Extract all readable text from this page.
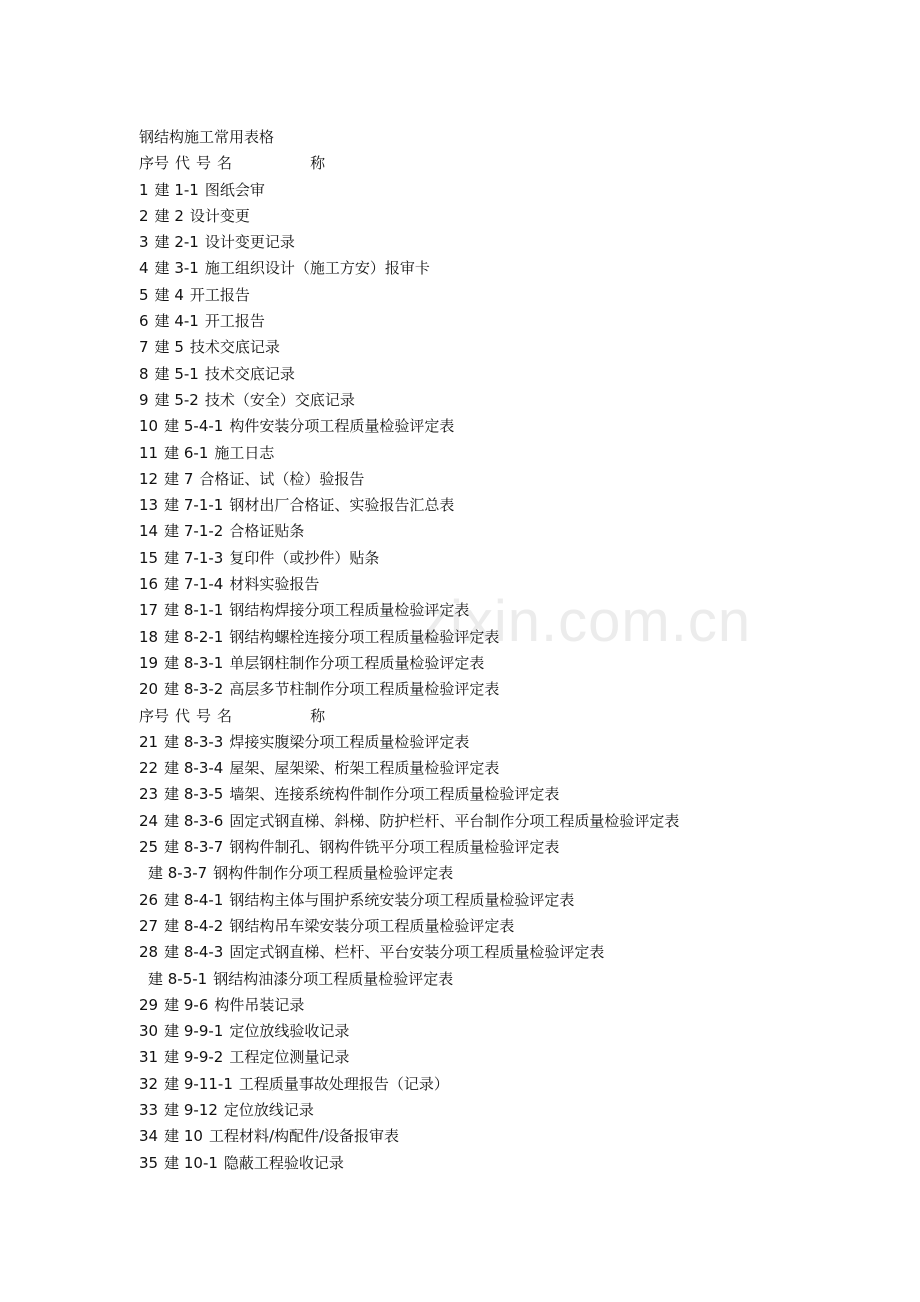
zixin.com.cn
钢结构施工常用表格
序号 代 号 名	称
1 建 1-1 图纸会审
2 建 2 设计变更
3 建 2-1 设计变更记录
4 建 3-1 施工组织设计（施工方安）报审卡
5 建 4 开工报告
6 建 4-1 开工报告
7 建 5 技术交底记录
8 建 5-1 技术交底记录
9 建 5-2 技术（安全）交底记录
10 建 5-4-1 构件安装分项工程质量检验评定表
11 建 6-1 施工日志
12 建 7 合格证、试（检）验报告
13 建 7-1-1 钢材出厂合格证、实验报告汇总表
14 建 7-1-2 合格证贴条
15 建 7-1-3 复印件（或抄件）贴条
16 建 7-1-4 材料实验报告
17 建 8-1-1 钢结构焊接分项工程质量检验评定表
18 建 8-2-1 钢结构螺栓连接分项工程质量检验评定表
19 建 8-3-1 单层钢柱制作分项工程质量检验评定表
20 建 8-3-2 高层多节柱制作分项工程质量检验评定表
序号 代 号 名	称
21 建 8-3-3 焊接实腹梁分项工程质量检验评定表
22 建 8-3-4 屋架、屋架梁、桁架工程质量检验评定表
23 建 8-3-5 墙架、连接系统构件制作分项工程质量检验评定表
24 建 8-3-6 固定式钢直梯、斜梯、防护栏杆、平台制作分项工程质量检验评定表
25 建 8-3-7 钢构件制孔、钢构件铣平分项工程质量检验评定表
建 8-3-7 钢构件制作分项工程质量检验评定表
26 建 8-4-1 钢结构主体与围护系统安装分项工程质量检验评定表
27 建 8-4-2 钢结构吊车梁安装分项工程质量检验评定表
28 建 8-4-3 固定式钢直梯、栏杆、平台安装分项工程质量检验评定表
建 8-5-1 钢结构油漆分项工程质量检验评定表
29 建 9-6 构件吊装记录
30 建 9-9-1 定位放线验收记录
31 建 9-9-2 工程定位测量记录
32 建 9-11-1 工程质量事故处理报告（记录）
33 建 9-12 定位放线记录
34 建 10 工程材料/构配件/设备报审表
35 建 10-1 隐蔽工程验收记录
